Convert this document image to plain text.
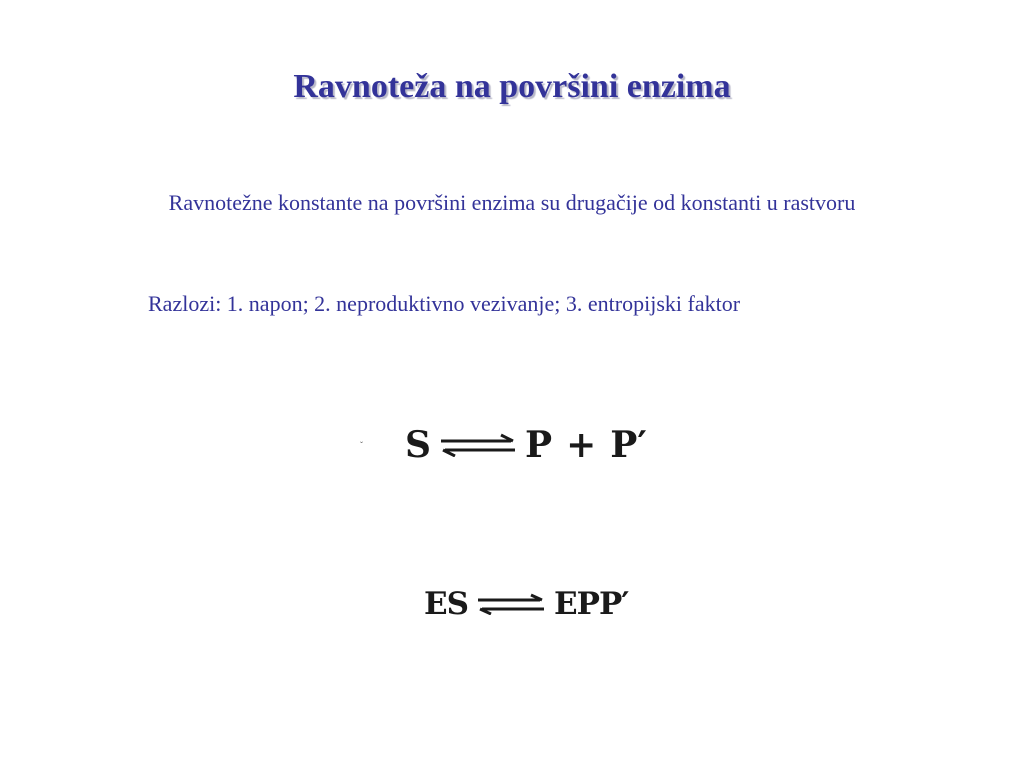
Ravnoteža na površini enzima
Ravnotežne konstante na površini enzima su drugačije od konstanti u rastvoru
Razlozi: 1. napon; 2. neproduktivno vezivanje; 3. entropijski faktor
ˇ S ⇌ P + P′
ES ⇌ EPP′
